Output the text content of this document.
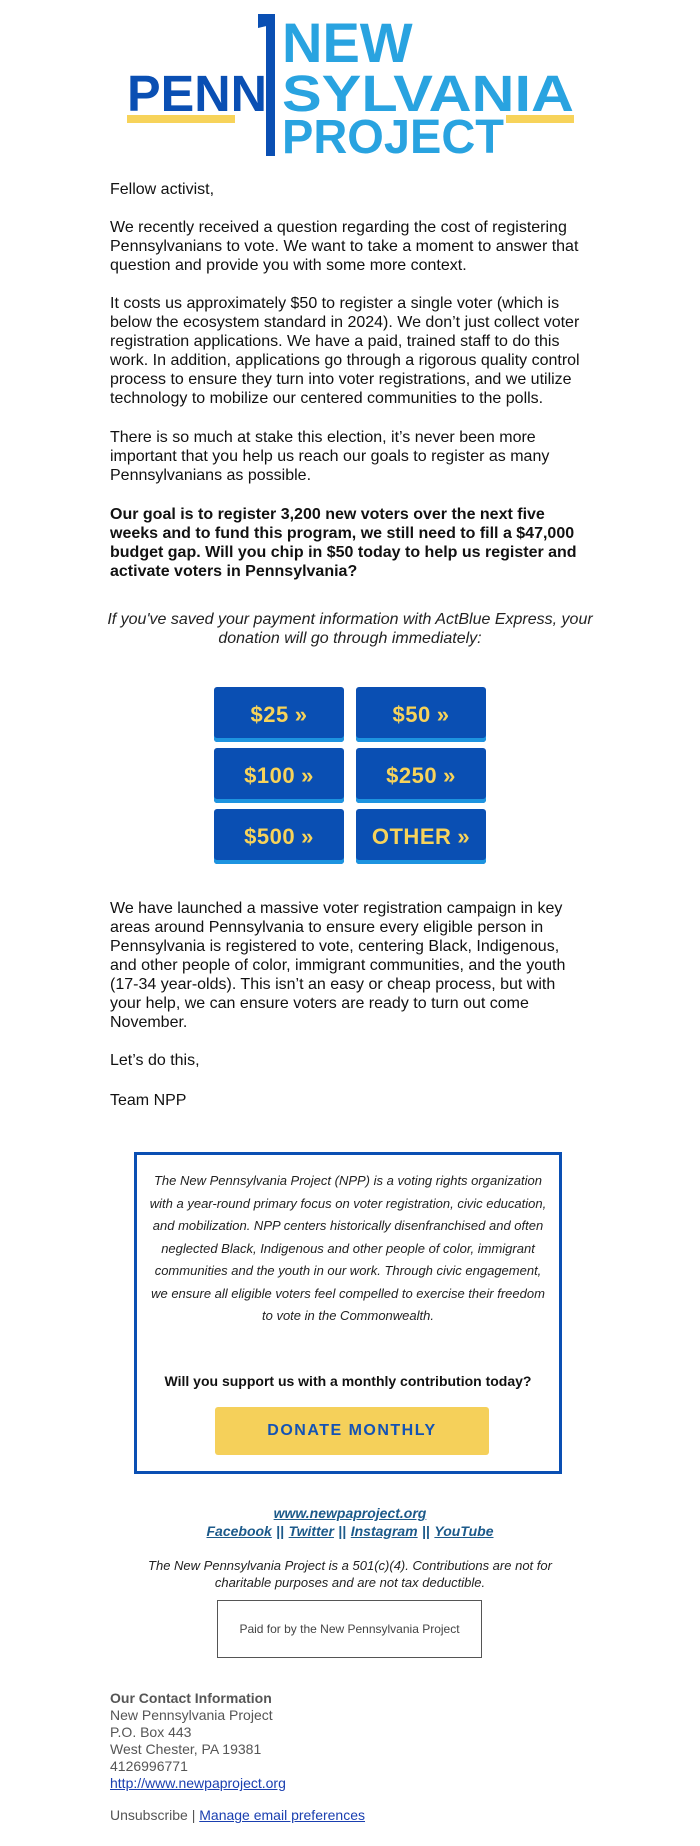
NEW
PENN SYLVANIA
PROJECT
Fellow activist,
We recently received a question regarding the cost of registering Pennsylvanians to vote. We want to take a moment to answer that question and provide you with some more context.
It costs us approximately $50 to register a single voter (which is below the ecosystem standard in 2024). We don’t just collect voter registration applications. We have a paid, trained staff to do this work. In addition, applications go through a rigorous quality control process to ensure they turn into voter registrations, and we utilize technology to mobilize our centered communities to the polls.
There is so much at stake this election, it’s never been more important that you help us reach our goals to register as many Pennsylvanians as possible.
Our goal is to register 3,200 new voters over the next five weeks and to fund this program, we still need to fill a $47,000 budget gap. Will you chip in $50 today to help us register and activate voters in Pennsylvania?
If you've saved your payment information with ActBlue Express, your donation will go through immediately:
$25 »	$50 »
$100 »	$250 »
$500 »	OTHER »
We have launched a massive voter registration campaign in key areas around Pennsylvania to ensure every eligible person in Pennsylvania is registered to vote, centering Black, Indigenous, and other people of color, immigrant communities, and the youth (17-34 year-olds). This isn’t an easy or cheap process, but with your help, we can ensure voters are ready to turn out come November.
Let’s do this,
Team NPP
The New Pennsylvania Project (NPP) is a voting rights organization with a year-round primary focus on voter registration, civic education, and mobilization. NPP centers historically disenfranchised and often neglected Black, Indigenous and other people of color, immigrant communities and the youth in our work. Through civic engagement, we ensure all eligible voters feel compelled to exercise their freedom to vote in the Commonwealth.
Will you support us with a monthly contribution today?
DONATE MONTHLY
www.newpaproject.org
Facebook || Twitter || Instagram || YouTube
The New Pennsylvania Project is a 501(c)(4). Contributions are not for charitable purposes and are not tax deductible.
Paid for by the New Pennsylvania Project
Our Contact Information
New Pennsylvania Project
P.O. Box 443
West Chester, PA 19381
4126996771
http://www.newpaproject.org
Unsubscribe | Manage email preferences
